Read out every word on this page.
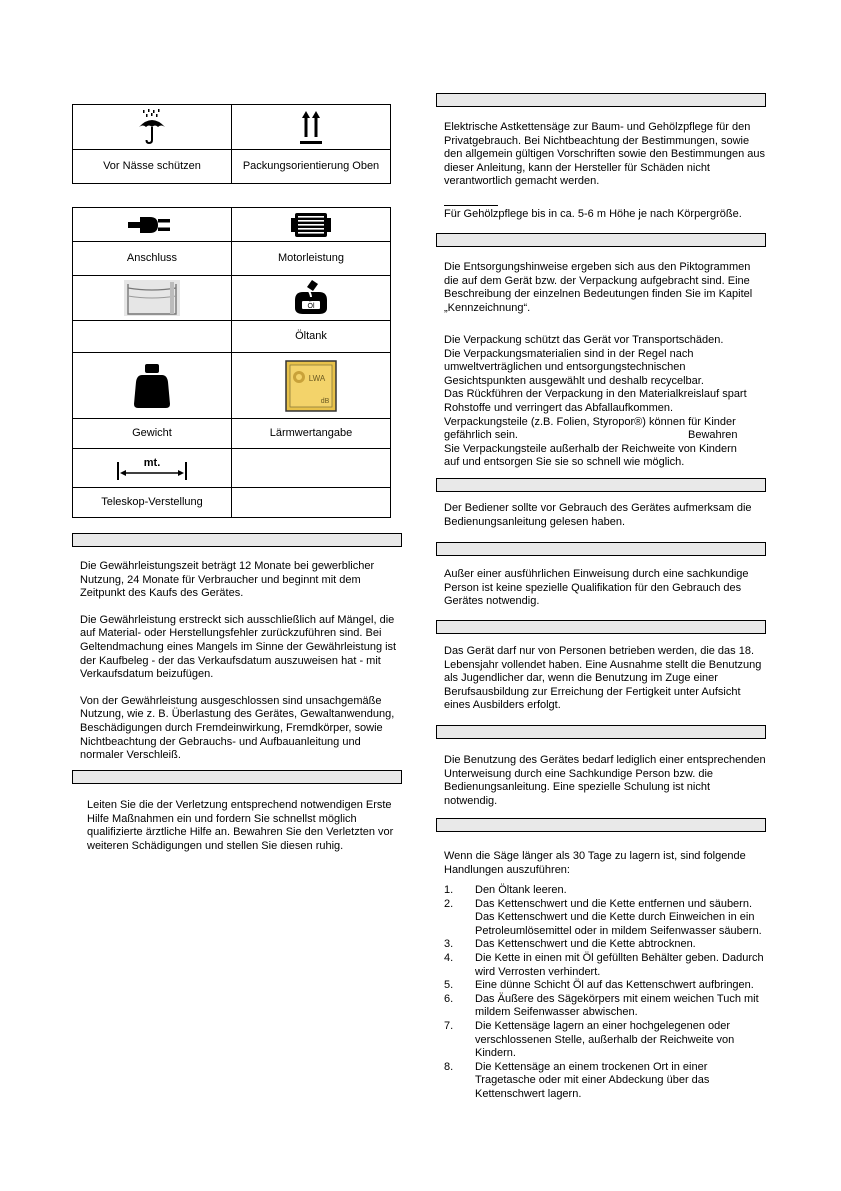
Vor Nässe schützen	Packungsorientierung Oben

Anschluss	Motorleistung

Öl

	Öltank

LWA
dB

Gewicht	Lärmwertangabe

mt.	

Teleskop-Verstellung	

Die Gewährleistungszeit beträgt 12 Monate bei gewerblicher Nutzung, 24 Monate für Verbraucher und beginnt mit dem Zeitpunkt des Kaufs des Gerätes.

Die Gewährleistung erstreckt sich ausschließlich auf Mängel, die auf Material- oder Herstellungsfehler zurückzuführen sind. Bei Geltendmachung eines Mangels im Sinne der Gewährleistung ist der Kaufbeleg - der das Verkaufsdatum auszuweisen hat - mit Verkaufsdatum beizufügen.

Von der Gewährleistung ausgeschlossen sind unsachgemäße Nutzung, wie z. B. Überlastung des Gerätes, Gewaltanwendung, Beschädigungen durch Fremdeinwirkung, Fremdkörper, sowie Nichtbeachtung der Gebrauchs- und Aufbauanleitung und normaler Verschleiß.

Leiten Sie die der Verletzung entsprechend notwendigen Erste Hilfe Maßnahmen ein und fordern Sie schnellst möglich qualifizierte ärztliche Hilfe an. Bewahren Sie den Verletzten vor weiteren Schädigungen und stellen Sie diesen ruhig.
Elektrische Astkettensäge zur Baum- und Gehölzpflege für den Privatgebrauch. Bei Nichtbeachtung der Bestimmungen, sowie den allgemein gültigen Vorschriften sowie den Bestimmungen aus dieser Anleitung, kann der Hersteller für Schäden nicht verantwortlich gemacht werden.
Für Gehölzpflege bis in ca. 5-6 m Höhe je nach Körpergröße.
Die Entsorgungshinweise ergeben sich aus den Piktogrammen die auf dem Gerät bzw. der Verpackung aufgebracht sind. Eine Beschreibung der einzelnen Bedeutungen finden Sie im Kapitel „Kennzeichnung“.

Die Verpackung schützt das Gerät vor Transportschäden.

Die Verpackungsmaterialien sind in der Regel nach

umweltverträglichen und entsorgungstechnischen

Gesichtspunkten ausgewählt und deshalb recycelbar.

Das Rückführen der Verpackung in den Materialkreislauf spart

Rohstoffe und verringert das Abfallaufkommen.

Verpackungsteile (z.B. Folien, Styropor®) können für Kinder

gefährlich sein.	Bewahren

Sie Verpackungsteile außerhalb der Reichweite von Kindern

auf und entsorgen Sie sie so schnell wie möglich.

Der Bediener sollte vor Gebrauch des Gerätes aufmerksam die Bedienungsanleitung gelesen haben.
Außer einer ausführlichen Einweisung durch eine sachkundige Person ist keine spezielle Qualifikation für den Gebrauch des Gerätes notwendig.
Das Gerät darf nur von Personen betrieben werden, die das 18. Lebensjahr vollendet haben. Eine Ausnahme stellt die Benutzung als Jugendlicher dar, wenn die Benutzung im Zuge einer Berufsausbildung zur Erreichung der Fertigkeit unter Aufsicht eines Ausbilders erfolgt.
Die Benutzung des Gerätes bedarf lediglich einer entsprechenden Unterweisung durch eine Sachkundige Person bzw. die Bedienungsanleitung. Eine spezielle Schulung ist nicht notwendig.
Wenn die Säge länger als 30 Tage zu lagern ist, sind folgende Handlungen auszuführen:
1. Den Öltank leeren.
2. Das Kettenschwert und die Kette entfernen und säubern. Das Kettenschwert und die Kette durch Einweichen in ein Petroleumlösemittel oder in mildem Seifenwasser säubern.
3. Das Kettenschwert und die Kette abtrocknen.
4. Die Kette in einen mit Öl gefüllten Behälter geben. Dadurch wird Verrosten verhindert.
5. Eine dünne Schicht Öl auf das Kettenschwert aufbringen.
6. Das Äußere des Sägekörpers mit einem weichen Tuch mit mildem Seifenwasser abwischen.
7. Die Kettensäge lagern an einer hochgelegenen oder verschlossenen Stelle, außerhalb der Reichweite von Kindern.
8. Die Kettensäge an einem trockenen Ort in einer Tragetasche oder mit einer Abdeckung über das Kettenschwert lagern.
